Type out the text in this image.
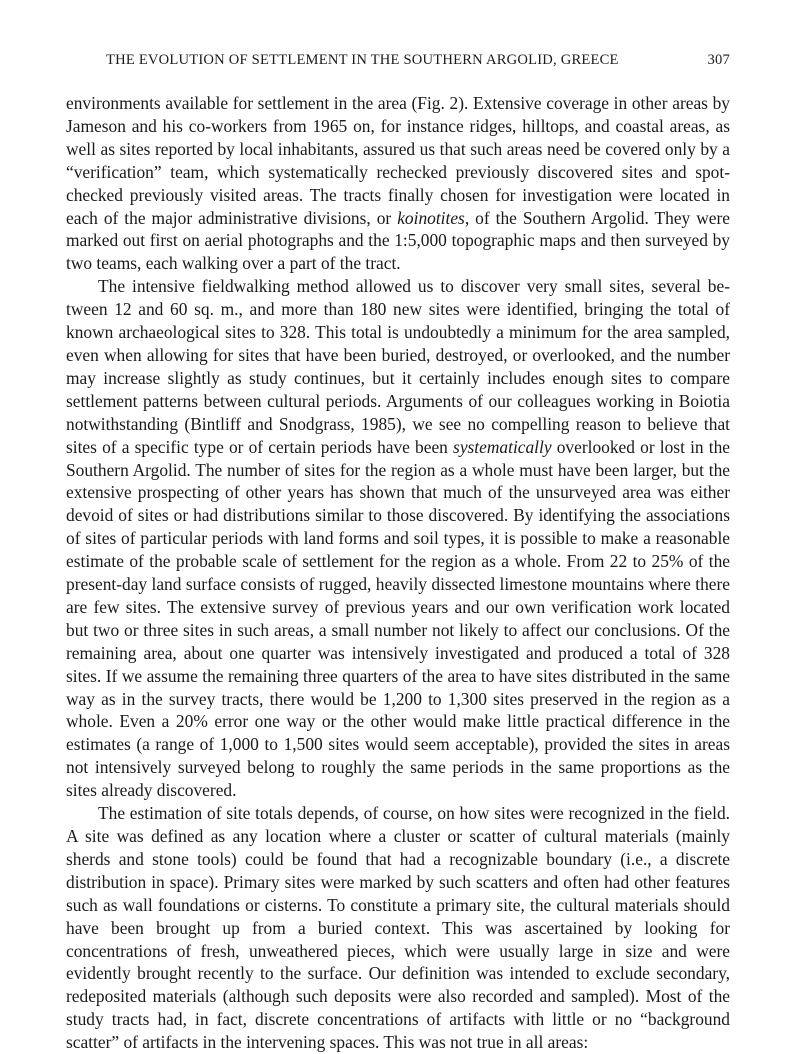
THE EVOLUTION OF SETTLEMENT IN THE SOUTHERN ARGOLID, GREECE	307

environments available for settlement in the area (Fig. 2). Extensive coverage in other areas by Jameson and his co-workers from 1965 on, for instance ridges, hilltops, and coastal areas, as well as sites reported by local inhabitants, assured us that such areas need be covered only by a “verification” team, which systematically rechecked previously discovered sites and spot-checked previously visited areas. The tracts finally chosen for investigation were located in each of the major administrative divisions, or koinotites, of the Southern Argolid. They were marked out first on aerial photographs and the 1:5,000 topographic maps and then surveyed by two teams, each walking over a part of the tract.

The intensive fieldwalking method allowed us to discover very small sites, several between 12 and 60 sq. m., and more than 180 new sites were identified, bringing the total of known archaeological sites to 328. This total is undoubtedly a minimum for the area sampled, even when allowing for sites that have been buried, destroyed, or overlooked, and the number may increase slightly as study continues, but it certainly includes enough sites to compare settlement patterns between cultural periods. Arguments of our colleagues working in Boiotia notwithstanding (Bintliff and Snodgrass, 1985), we see no compelling reason to believe that sites of a specific type or of certain periods have been systematically overlooked or lost in the Southern Argolid. The number of sites for the region as a whole must have been larger, but the extensive prospecting of other years has shown that much of the unsurveyed area was either devoid of sites or had distributions similar to those discovered. By identifying the associations of sites of particular periods with land forms and soil types, it is possible to make a reasonable estimate of the probable scale of settlement for the region as a whole. From 22 to 25% of the present-day land surface consists of rugged, heavily dissected limestone mountains where there are few sites. The extensive survey of previous years and our own verification work located but two or three sites in such areas, a small number not likely to affect our conclusions. Of the remaining area, about one quarter was intensively investigated and produced a total of 328 sites. If we assume the remaining three quarters of the area to have sites distributed in the same way as in the survey tracts, there would be 1,200 to 1,300 sites preserved in the region as a whole. Even a 20% error one way or the other would make little practical difference in the estimates (a range of 1,000 to 1,500 sites would seem acceptable), provided the sites in areas not intensively surveyed belong to roughly the same periods in the same proportions as the sites already discovered.

The estimation of site totals depends, of course, on how sites were recognized in the field. A site was defined as any location where a cluster or scatter of cultural materials (mainly sherds and stone tools) could be found that had a recognizable boundary (i.e., a discrete distribution in space). Primary sites were marked by such scatters and often had other features such as wall foundations or cisterns. To constitute a primary site, the cultural materials should have been brought up from a buried context. This was ascertained by looking for concentrations of fresh, unweathered pieces, which were usually large in size and were evidently brought recently to the surface. Our definition was intended to exclude secondary, redeposited materials (although such deposits were also recorded and sampled). Most of the study tracts had, in fact, discrete concentrations of artifacts with little or no “background scatter” of artifacts in the intervening spaces. This was not true in all areas:
